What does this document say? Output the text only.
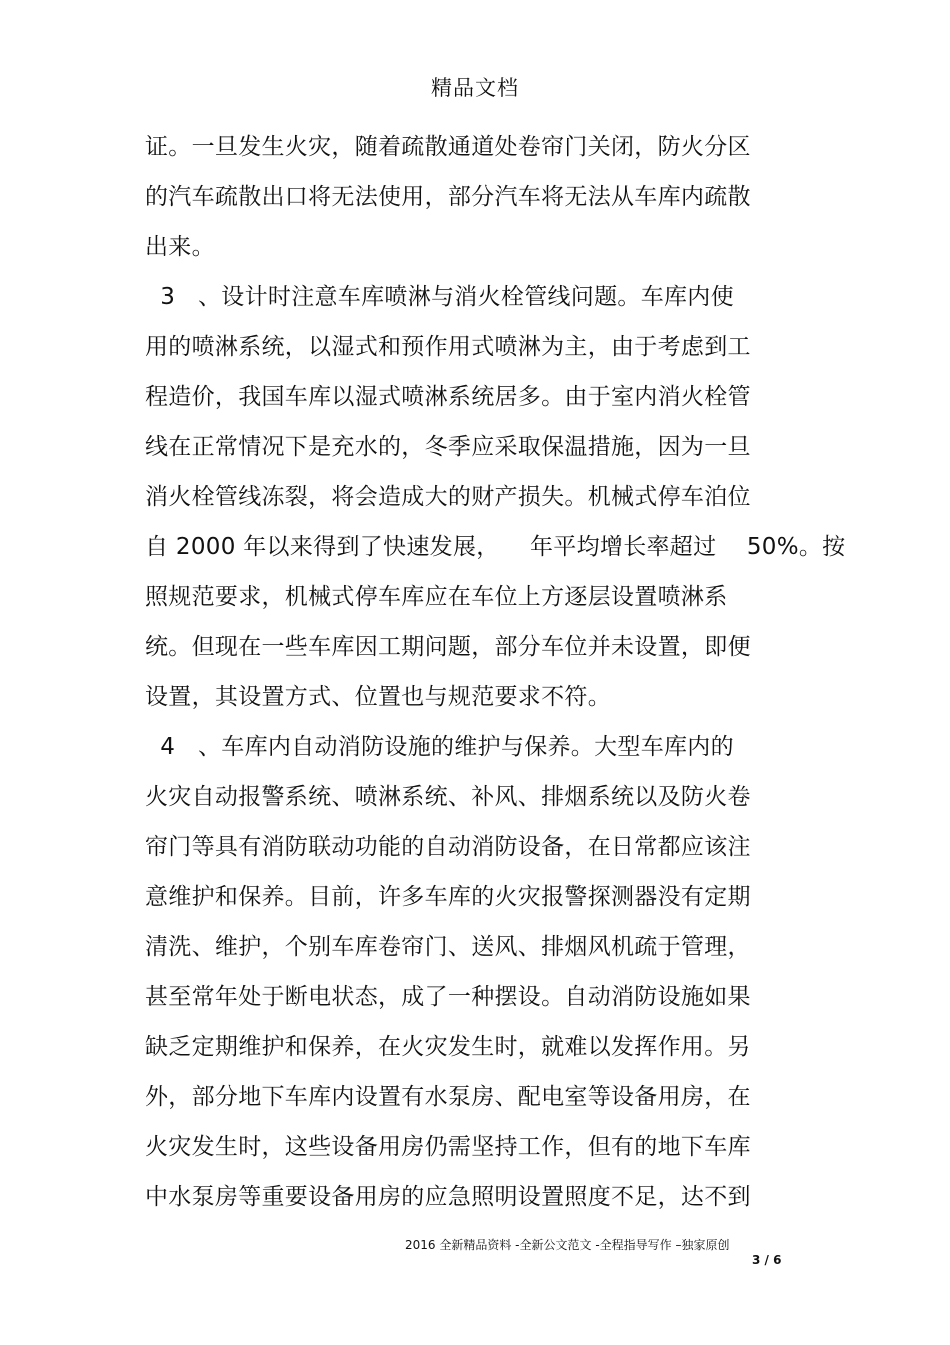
精品文档
证。一旦发生火灾，随着疏散通道处卷帘门关闭，防火分区
的汽车疏散出口将无法使用，部分汽车将无法从车库内疏散
出来。
3   、设计时注意车库喷淋与消火栓管线问题。车库内使
用的喷淋系统，以湿式和预作用式喷淋为主，由于考虑到工
程造价，我国车库以湿式喷淋系统居多。由于室内消火栓管
线在正常情况下是充水的，冬季应采取保温措施，因为一旦
消火栓管线冻裂，将会造成大的财产损失。机械式停车泊位
自 2000 年以来得到了快速发展，    年平均增长率超过    50%。按
照规范要求，机械式停车库应在车位上方逐层设置喷淋系
统。但现在一些车库因工期问题，部分车位并未设置，即便
设置，其设置方式、位置也与规范要求不符。
4   、车库内自动消防设施的维护与保养。大型车库内的
火灾自动报警系统、喷淋系统、补风、排烟系统以及防火卷
帘门等具有消防联动功能的自动消防设备，在日常都应该注
意维护和保养。目前，许多车库的火灾报警探测器没有定期
清洗、维护，个别车库卷帘门、送风、排烟风机疏于管理，
甚至常年处于断电状态，成了一种摆设。自动消防设施如果
缺乏定期维护和保养，在火灾发生时，就难以发挥作用。另
外，部分地下车库内设置有水泵房、配电室等设备用房，在
火灾发生时，这些设备用房仍需坚持工作，但有的地下车库
中水泵房等重要设备用房的应急照明设置照度不足，达不到
2016 全新精品资料 -全新公文范文 -全程指导写作 –独家原创
3 / 6
